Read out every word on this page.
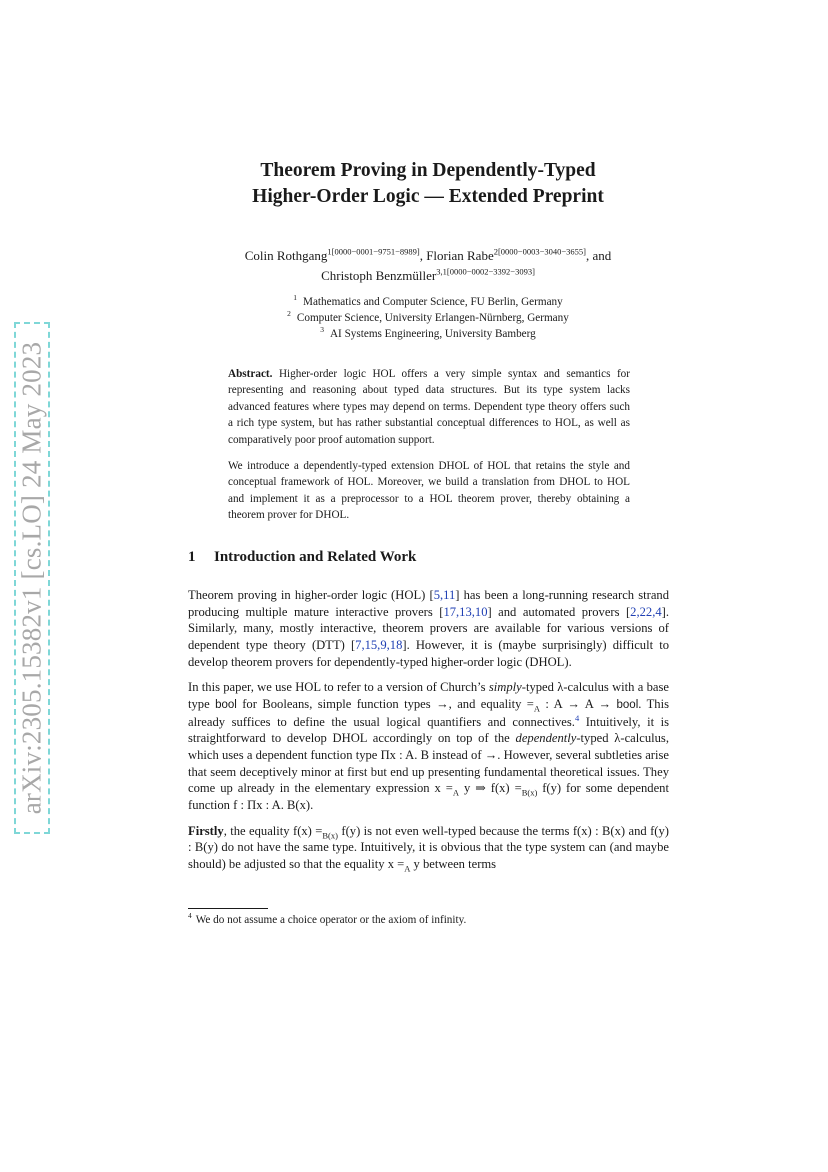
arXiv:2305.15382v1 [cs.LO] 24 May 2023
Theorem Proving in Dependently-Typed
Higher-Order Logic — Extended Preprint
Colin Rothgang$^{1[0000-0001-9751-8989]}$, Florian Rabe$^{2[0000-0003-3040-3655]}$, and
Christoph Benzmüller$^{3,1[0000-0002-3392-3093]}$
$^1$ Mathematics and Computer Science, FU Berlin, Germany
$^2$ Computer Science, University Erlangen-Nürnberg, Germany
$^3$ AI Systems Engineering, University Bamberg

Abstract. Higher-order logic HOL offers a very simple syntax and semantics for representing and reasoning about typed data structures. But its type system lacks advanced features where types may depend on terms. Dependent type theory offers such a rich type system, but has rather substantial conceptual differences to HOL, as well as comparatively poor proof automation support.

We introduce a dependently-typed extension DHOL of HOL that retains the style and conceptual framework of HOL. Moreover, we build a translation from DHOL to HOL and implement it as a preprocessor to a HOL theorem prover, thereby obtaining a theorem prover for DHOL.

1 Introduction and Related Work

Theorem proving in higher-order logic (HOL) [5,11] has been a long-running research strand producing multiple mature interactive provers [17,13,10] and automated provers [2,22,4]. Similarly, many, mostly interactive, theorem provers are available for various versions of dependent type theory (DTT) [7,15,9,18]. However, it is (maybe surprisingly) difficult to develop theorem provers for dependently-typed higher-order logic (DHOL).

In this paper, we use HOL to refer to a version of Church’s simply-typed λ-calculus with a base type bool for Booleans, simple function types →, and equality $=_A$ : A → A → bool. This already suffices to define the usual logical quantifiers and connectives.$^4$ Intuitively, it is straightforward to develop DHOL accordingly on top of the dependently-typed λ-calculus, which uses a dependent function type Πx : A. B instead of →. However, several subtleties arise that seem deceptively minor at first but end up presenting fundamental theoretical issues. They come up already in the elementary expression $x =_A$ y ⇒ $f(x) =_{B(x)}$ f(y) for some dependent function f : Πx : A. B(x).

Firstly, the equality $f(x) =_{B(x)}$ f(y) is not even well-typed because the terms f(x) : B(x) and f(y) : B(y) do not have the same type. Intuitively, it is obvious that the type system can (and maybe should) be adjusted so that the equality $x =_A$ y between terms

$^4$ We do not assume a choice operator or the axiom of infinity.
